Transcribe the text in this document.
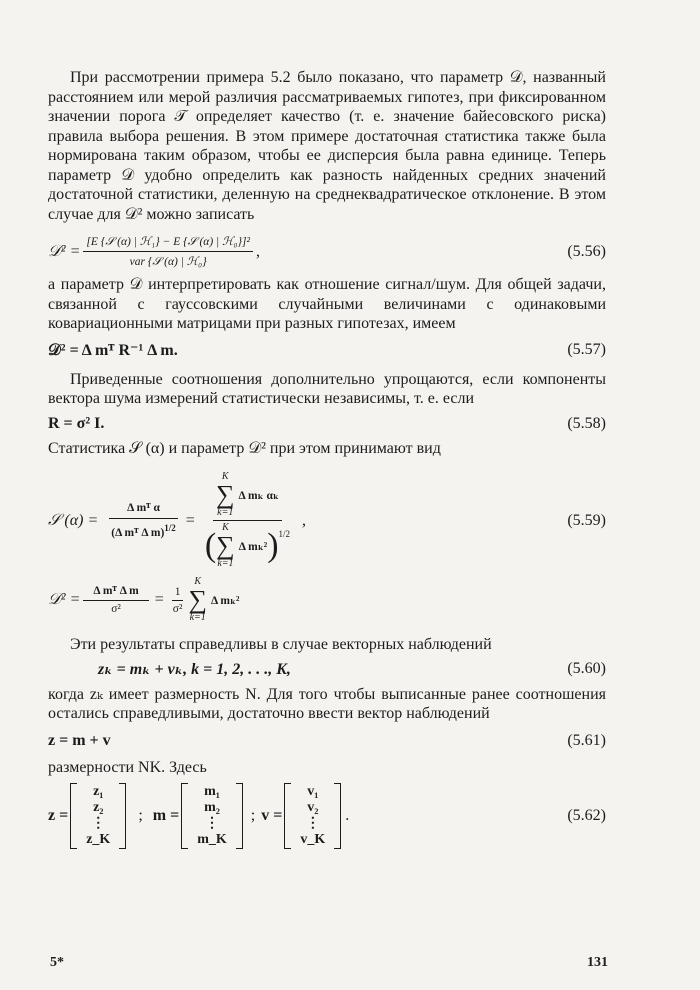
При рассмотрении примера 5.2 было показано, что параметр 𝒟, названный расстоянием или мерой различия рассматриваемых гипотез, при фиксированном значении порога 𝒯 определяет качество (т. е. значение байесовского риска) правила выбора решения. В этом примере достаточная статистика также была нормирована таким образом, чтобы ее дисперсия была равна единице. Теперь параметр 𝒟 удобно определить как разность найденных средних значений достаточной статистики, деленную на среднеквадратическое отклонение. В этом случае для 𝒟² можно записать

𝒟² = $\frac{\text{[E \{𝒮 (α) | ℋ₁\} − E \{𝒮 (α) | ℋ₀\}]²}}{\text{var \{𝒮 (α) | ℋ₀\}}}$ ,	(5.56)

а параметр 𝒟 интерпретировать как отношение сигнал/шум. Для общей задачи, связанной с гауссовскими случайными величинами с одинаковыми ковариационными матрицами при разных гипотезах, имеем

𝒟² = Δ mᵀ R⁻¹ Δ m.	(5.57)

Приведенные соотношения дополнительно упрощаются, если компоненты вектора шума измерений статистически независимы, т. е. если

R = σ² I.	(5.58)

Статистика 𝒮 (α) и параметр 𝒟² при этом принимают вид

𝒮 $(\alpha) = \frac{\text{Δ mᵀ α}}{(\Delta mᵀ \Delta m)^{1/2}}$ =
K
∑
k=1
Δ mₖ αₖ
( K
∑
k=1
Δ mₖ² )$^{1/2}$
,	(5.59)
𝒟² = $\frac{\text{Δ mᵀ Δ m}}{\text{σ²}} = \frac{1}{\text{σ²}}$
K
∑
k=1
Δ mₖ²

Эти результаты справедливы в случае векторных наблюдений

zₖ = mₖ + vₖ, k = 1, 2, . . ., K,	(5.60)

когда zₖ имеет размерность N. Для того чтобы выписанные ранее соотношения остались справедливыми, достаточно ввести вектор наблюдений

z = m + v	(5.61)

размерности NK. Здесь

z =
z₁
z₂
⋮
z_K
; m =
m₁
m₂
⋮
m_K
; v =
v₁
v₂
⋮
v_K
.	(5.62)
5*	131
